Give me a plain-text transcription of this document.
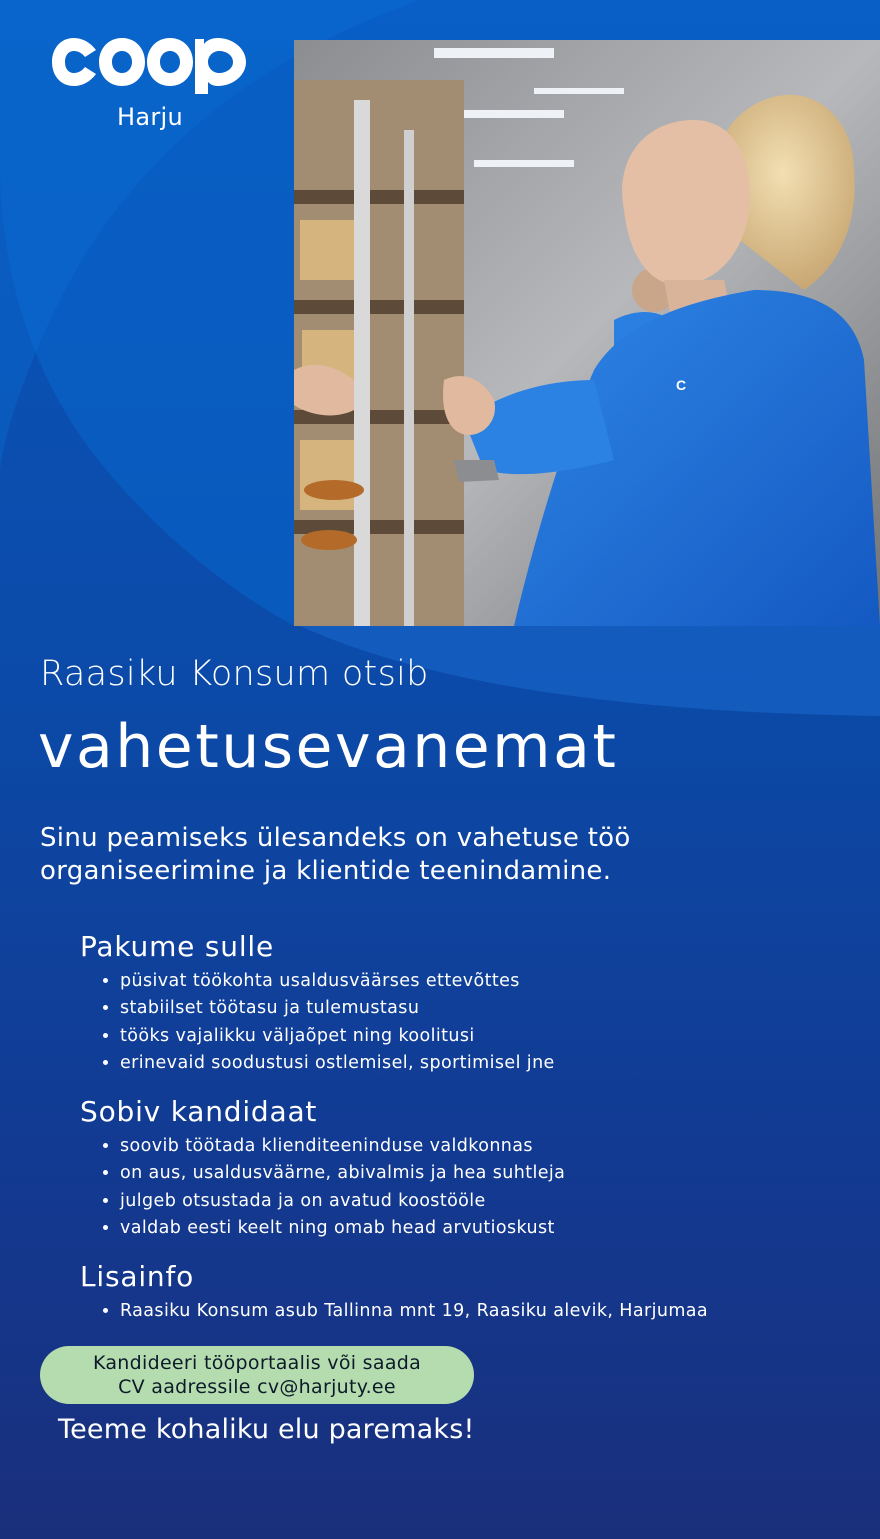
Harju
C
Raasiku Konsum otsib
vahetusevanemat
Sinu peamiseks ülesandeks on vahetuse töö organiseerimine ja klientide teenindamine.
Pakume sulle
• püsivat töökohta usaldusväärses ettevõttes
• stabiilset töötasu ja tulemustasu
• tööks vajalikku väljaõpet ning koolitusi
• erinevaid soodustusi ostlemisel, sportimisel jne
Sobiv kandidaat
• soovib töötada klienditeeninduse valdkonnas
• on aus, usaldusväärne, abivalmis ja hea suhtleja
• julgeb otsustada ja on avatud koostööle
• valdab eesti keelt ning omab head arvutioskust
Lisainfo
• Raasiku Konsum asub Tallinna mnt 19, Raasiku alevik, Harjumaa
Kandideeri tööportaalis või saada
CV aadressile cv@harjuty.ee
Teeme kohaliku elu paremaks!
